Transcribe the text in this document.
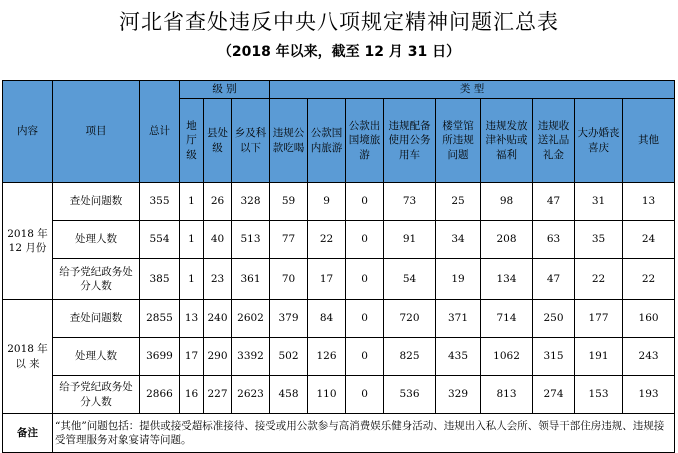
河北省查处违反中央八项规定精神问题汇总表
（2018 年以来，截至 12 月 31 日）
内容	项目	总计	级 别			类 型								
			地厅级	县处级	乡及科以下	违规公款吃喝	公款国内旅游	公款出国境旅游	违规配备使用公务用车	楼堂馆所违规问题	违规发放津补贴或福利	违规收送礼品礼金	大办婚丧喜庆	其他
2018 年 12 月份	查处问题数	355	1	26	328	59	9	0	73	25	98	47	31	13
	处理人数	554	1	40	513	77	22	0	91	34	208	63	35	24
	给予党纪政务处分人数	385	1	23	361	70	17	0	54	19	134	47	22	22
2018 年以 来	查处问题数	2855	13	240	2602	379	84	0	720	371	714	250	177	160
	处理人数	3699	17	290	3392	502	126	0	825	435	1062	315	191	243
	给予党纪政务处分人数	2866	16	227	2623	458	110	0	536	329	813	274	153	193
备注	“其他”问题包括：提供或接受超标准接待、接受或用公款参与高消费娱乐健身活动、违规出入私人会所、领导干部住房违规、违规接受管理服务对象宴请等问题。													
